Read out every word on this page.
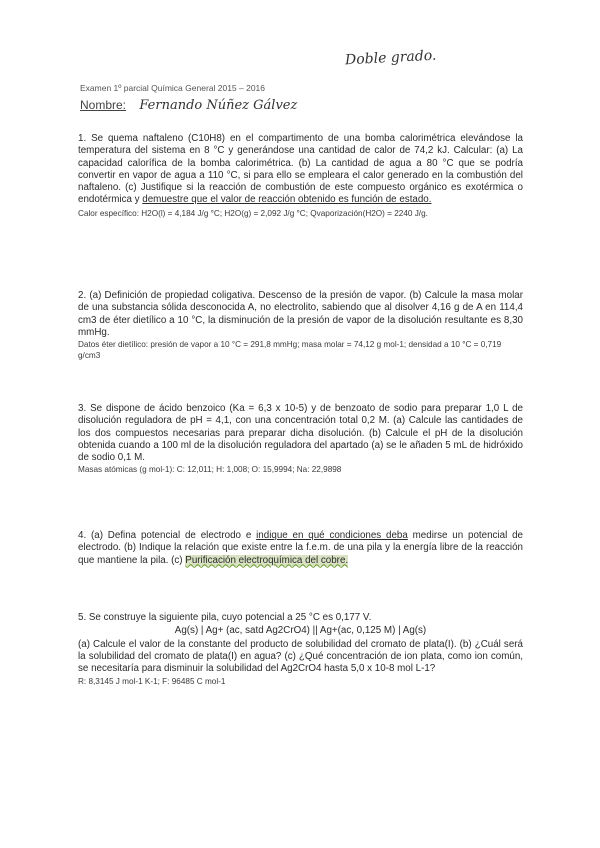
Doble grado.
Examen 1º parcial Química General 2015 – 2016
Nombre: Fernando Núñez Gálvez

1. Se quema naftaleno (C10H8) en el compartimento de una bomba calorimétrica elevándose la temperatura del sistema en 8 °C y generándose una cantidad de calor de 74,2 kJ. Calcular: (a) La capacidad calorífica de la bomba calorimétrica. (b) La cantidad de agua a 80 °C que se podría convertir en vapor de agua a 110 °C, si para ello se empleara el calor generado en la combustión del naftaleno. (c) Justifique si la reacción de combustión de este compuesto orgánico es exotérmica o endotérmica y demuestre que el valor de reacción obtenido es función de estado.

Calor específico: H2O(l) = 4,184 J/g °C; H2O(g) = 2,092 J/g °C; Qvaporización(H2O) = 2240 J/g.

2. (a) Definición de propiedad coligativa. Descenso de la presión de vapor. (b) Calcule la masa molar de una substancia sólida desconocida A, no electrolito, sabiendo que al disolver 4,16 g de A en 114,4 cm3 de éter dietílico a 10 °C, la disminución de la presión de vapor de la disolución resultante es 8,30 mmHg.

Datos éter dietílico: presión de vapor a 10 °C = 291,8 mmHg; masa molar = 74,12 g mol-1; densidad a 10 °C = 0,719 g/cm3

3. Se dispone de ácido benzoico (Ka = 6,3 x 10-5) y de benzoato de sodio para preparar 1,0 L de disolución reguladora de pH = 4,1, con una concentración total 0,2 M. (a) Calcule las cantidades de los dos compuestos necesarias para preparar dicha disolución. (b) Calcule el pH de la disolución obtenida cuando a 100 ml de la disolución reguladora del apartado (a) se le añaden 5 mL de hidróxido de sodio 0,1 M.

Masas atómicas (g mol-1): C: 12,011; H: 1,008; O: 15,9994; Na: 22,9898

4. (a) Defina potencial de electrodo e indique en qué condiciones deba medirse un potencial de electrodo. (b) Indique la relación que existe entre la f.e.m. de una pila y la energía libre de la reacción que mantiene la pila. (c) Purificación electroquímica del cobre.

5. Se construye la siguiente pila, cuyo potencial a 25 °C es 0,177 V.

Ag(s) | Ag+ (ac, satd Ag2CrO4) || Ag+(ac, 0,125 M) | Ag(s)

(a) Calcule el valor de la constante del producto de solubilidad del cromato de plata(I). (b) ¿Cuál será la solubilidad del cromato de plata(I) en agua? (c) ¿Qué concentración de ion plata, como ion común, se necesitaría para disminuir la solubilidad del Ag2CrO4 hasta 5,0 x 10-8 mol L-1?

R: 8,3145 J mol-1 K-1; F: 96485 C mol-1
